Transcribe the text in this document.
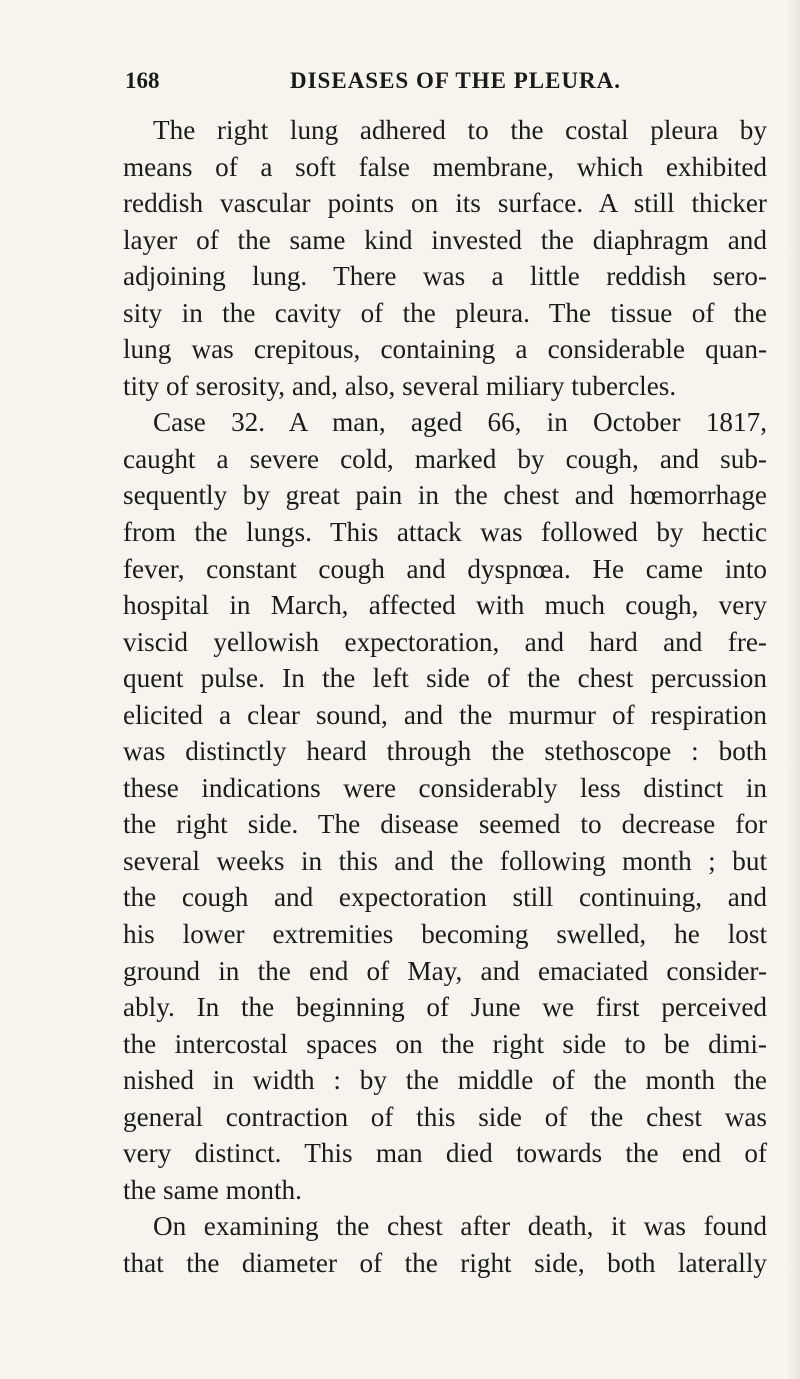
168	DISEASES OF THE PLEURA.
The right lung adhered to the costal pleura by
means of a soft false membrane, which exhibited
reddish vascular points on its surface. A still thicker
layer of the same kind invested the diaphragm and
adjoining lung. There was a little reddish sero-
sity in the cavity of the pleura. The tissue of the
lung was crepitous, containing a considerable quan-
tity of serosity, and, also, several miliary tubercles.
Case 32. A man, aged 66, in October 1817,
caught a severe cold, marked by cough, and sub-
sequently by great pain in the chest and hœmorrhage
from the lungs. This attack was followed by hectic
fever, constant cough and dyspnœa. He came into
hospital in March, affected with much cough, very
viscid yellowish expectoration, and hard and fre-
quent pulse. In the left side of the chest percussion
elicited a clear sound, and the murmur of respiration
was distinctly heard through the stethoscope : both
these indications were considerably less distinct in
the right side. The disease seemed to decrease for
several weeks in this and the following month ; but
the cough and expectoration still continuing, and
his lower extremities becoming swelled, he lost
ground in the end of May, and emaciated consider-
ably. In the beginning of June we first perceived
the intercostal spaces on the right side to be dimi-
nished in width : by the middle of the month the
general contraction of this side of the chest was
very distinct. This man died towards the end of
the same month.
On examining the chest after death, it was found
that the diameter of the right side, both laterally
